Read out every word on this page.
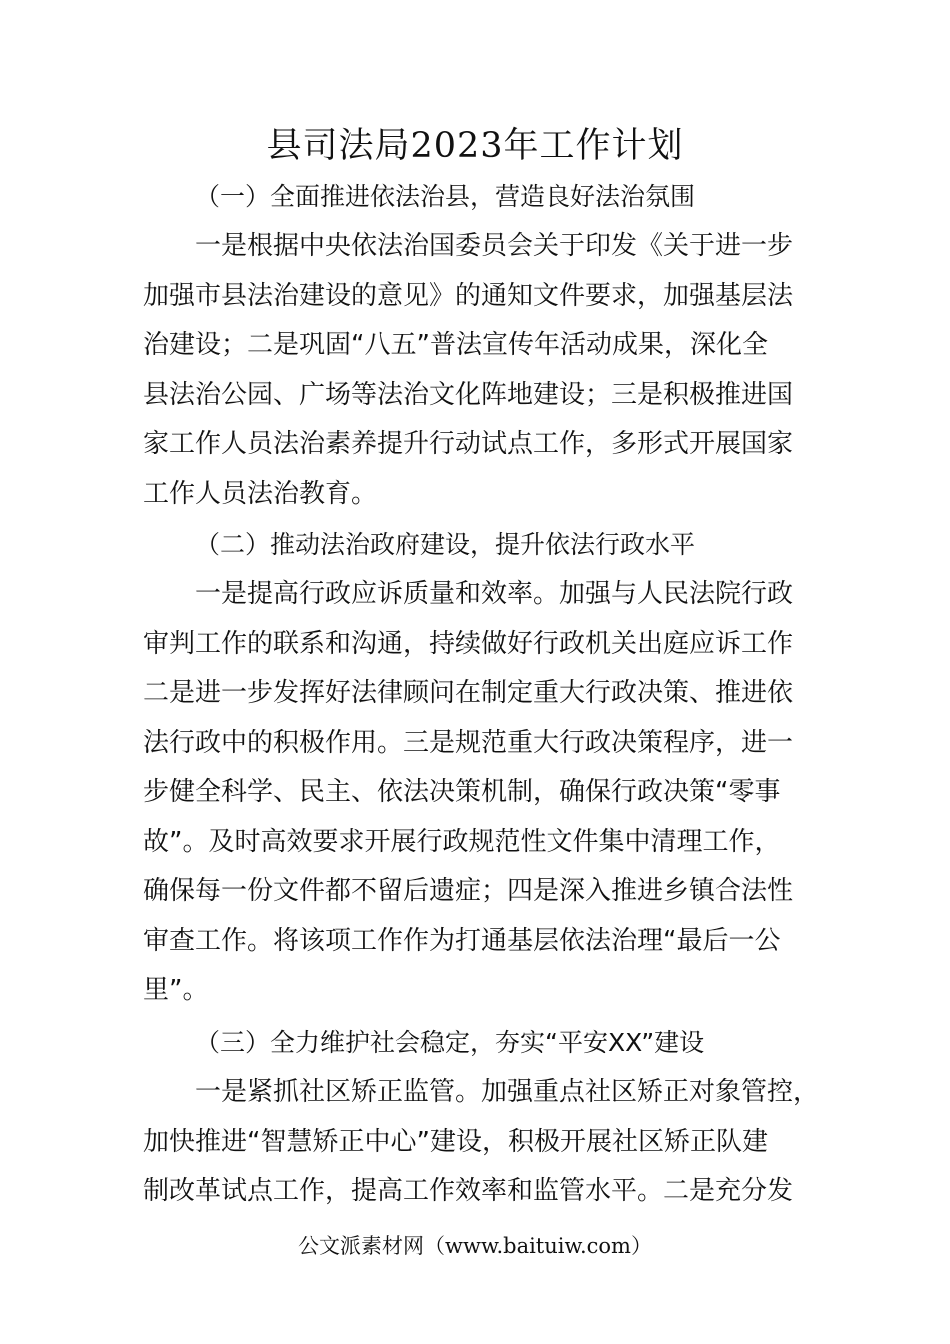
县司法局2023年工作计划
（一）全面推进依法治县，营造良好法治氛围
一是根据中央依法治国委员会关于印发《关于进一步
加强市县法治建设的意见》的通知文件要求，加强基层法
治建设；二是巩固“八五”普法宣传年活动成果，深化全
县法治公园、广场等法治文化阵地建设；三是积极推进国
家工作人员法治素养提升行动试点工作，多形式开展国家
工作人员法治教育。
（二）推动法治政府建设，提升依法行政水平
一是提高行政应诉质量和效率。加强与人民法院行政
审判工作的联系和沟通，持续做好行政机关出庭应诉工作
二是进一步发挥好法律顾问在制定重大行政决策、推进依
法行政中的积极作用。三是规范重大行政决策程序，进一
步健全科学、民主、依法决策机制，确保行政决策“零事
故”。及时高效要求开展行政规范性文件集中清理工作，
确保每一份文件都不留后遗症；四是深入推进乡镇合法性
审查工作。将该项工作作为打通基层依法治理“最后一公
里”。
（三）全力维护社会稳定，夯实“平安XX”建设
一是紧抓社区矫正监管。加强重点社区矫正对象管控，
加快推进“智慧矫正中心”建设，积极开展社区矫正队建
制改革试点工作，提高工作效率和监管水平。二是充分发
公文派素材网（www.baituiw.com）
